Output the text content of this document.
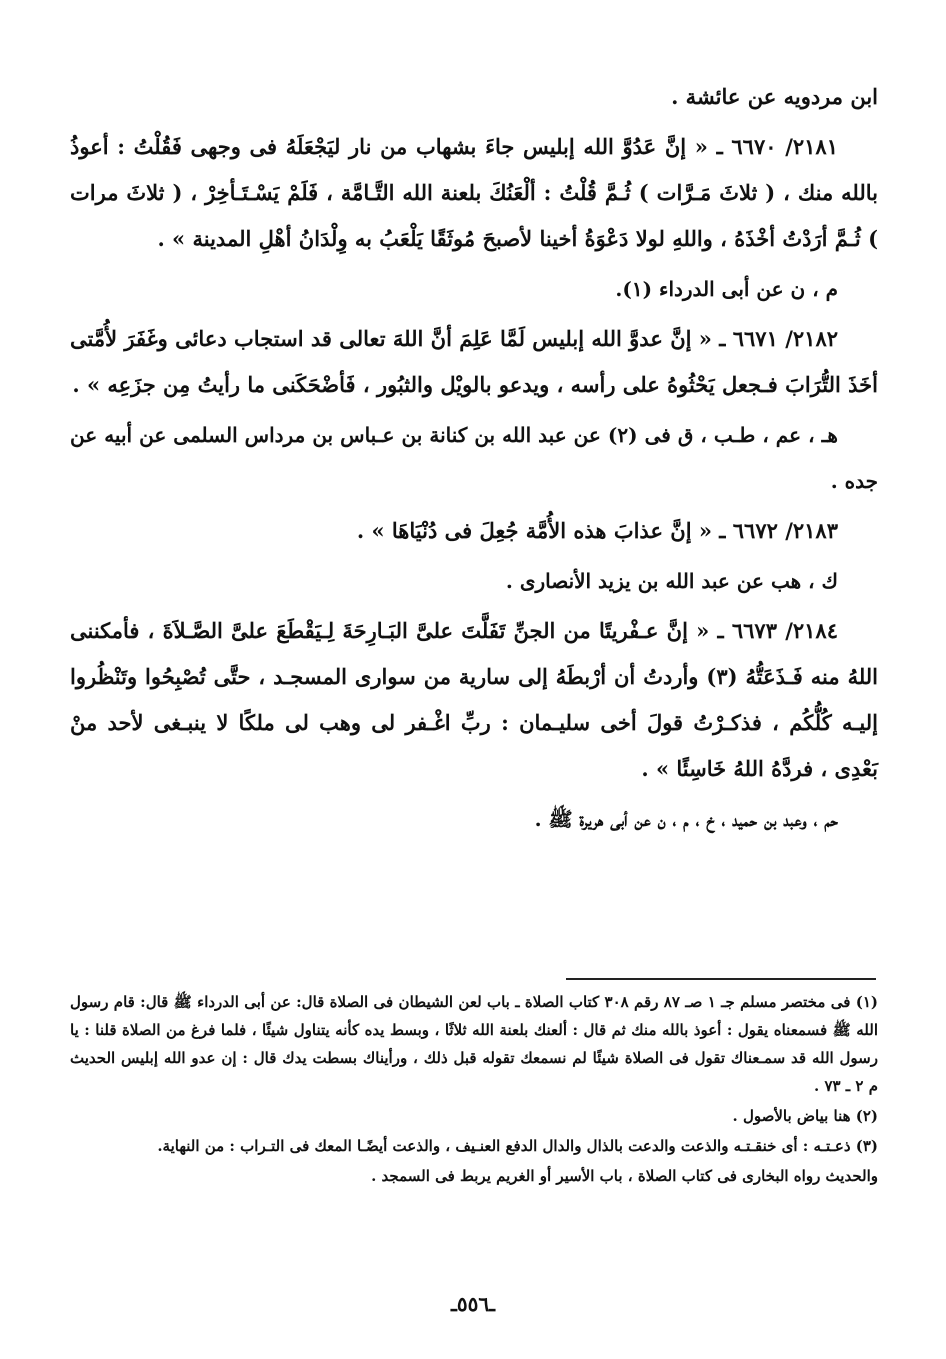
ابن مردويه عن عائشة .

٢١٨١/ ٦٦٧٠ ـ « إنَّ عَدُوَّ الله إبليس جاءَ بشهاب من نار ليَجْعَلَهُ فى وجهى فَقُلْتُ : أعوذُ بالله منك ، ( ثلاثَ مَـرَّات ) ثُـمَّ قُلْتُ : ألْعَنُكَ بلعنة الله التَّـامَّة ، فَلَمْ يَسْـتَـأخِرْ ، ( ثلاثَ مرات ) ثُـمَّ أرَدْتُ أخْذَهُ ، واللهِ لولا دَعْوَةُ أخينا لأصبحَ مُوثَقًا يَلْعَبُ به وِلْدَانُ أهْلِ المدينة » .

م ، ن عن أبى الدرداء (١).

٢١٨٢/ ٦٦٧١ ـ « إنَّ عدوَّ الله إبليس لَمَّا عَلِمَ أنَّ اللهَ تعالى قد استجاب دعائى وغَفَرَ لأُمَّتى أخَذَ التُّرَابَ فـجعل يَحْثُوهُ على رأسه ، ويدعو بالويْل والثبُور ، فَأضْحَكَنى ما رأيتُ مِن جزَعِه » .

هـ ، عم ، طـب ، ق فى (٢) عن عبد الله بن كنانة بن عـباس بن مرداس السلمى عن أبيه عن جده .

٢١٨٣/ ٦٦٧٢ ـ « إنَّ عذابَ هذه الأُمَّة جُعِلَ فى دُنْيَاهَا » .

ك ، هب عن عبد الله بن يزيد الأنصارى .

٢١٨٤/ ٦٦٧٣ ـ « إنَّ عـفْريتًا من الجنِّ تَفَلَّتَ علىَّ البَـارِحَةَ لِـيَقْطَعَ علىَّ الصَّـلاَةَ ، فأمكننى اللهُ منه فَـذَعَتُّهُ (٣) وأردتُ أن أرْبطَهُ إلى سارية من سوارى المسجـد ، حتَّى تُصْبِحُوا وتَنْظُروا إليـه كُلُّكُم ، فذكـرْتُ قولَ أخى سليـمان : ربِّ اغْـفر لى وهب لى ملكًا لا ينبـغى لأحد منْ بَعْدِى ، فردَّهُ اللهُ خَاسِئًا » .

حم ، وعبد بن حميد ، خ ، م ، ن عن أبى هريرة ﷺ .

(١) فى مختصر مسلم جـ ١ صـ ٨٧ رقم ٣٠٨ كتاب الصلاة ـ باب لعن الشيطان فى الصلاة قال: عن أبى الدرداء ﷺ قال: قام رسول الله ﷺ فسمعناه يقول : أعوذ بالله منك ثم قال : ألعنك بلعنة الله ثلاثًا ، وبسط يده كأنه يتناول شيئًا ، فلما فرغ من الصلاة قلنا : يا رسول الله قد سمـعناك تقول فى الصلاة شيئًا لم نسمعك تقوله قبل ذلك ، ورأيناك بسطت يدك قال : إن عدو الله إبليس الحديث م ٢ ـ ٧٣ .

(٢) هنا بياض بالأصول .

(٣) ذعـتـه : أى خنقـتـه والذعت والدعت بالذال والدال الدفع العنـيف ، والذعت أيضًـا المعك فى التـراب : من النهاية.

والحديث رواه البخارى فى كتاب الصلاة ، باب الأسير أو الغريم يربط فى السمجد .

ـ٥٥٦ـ
